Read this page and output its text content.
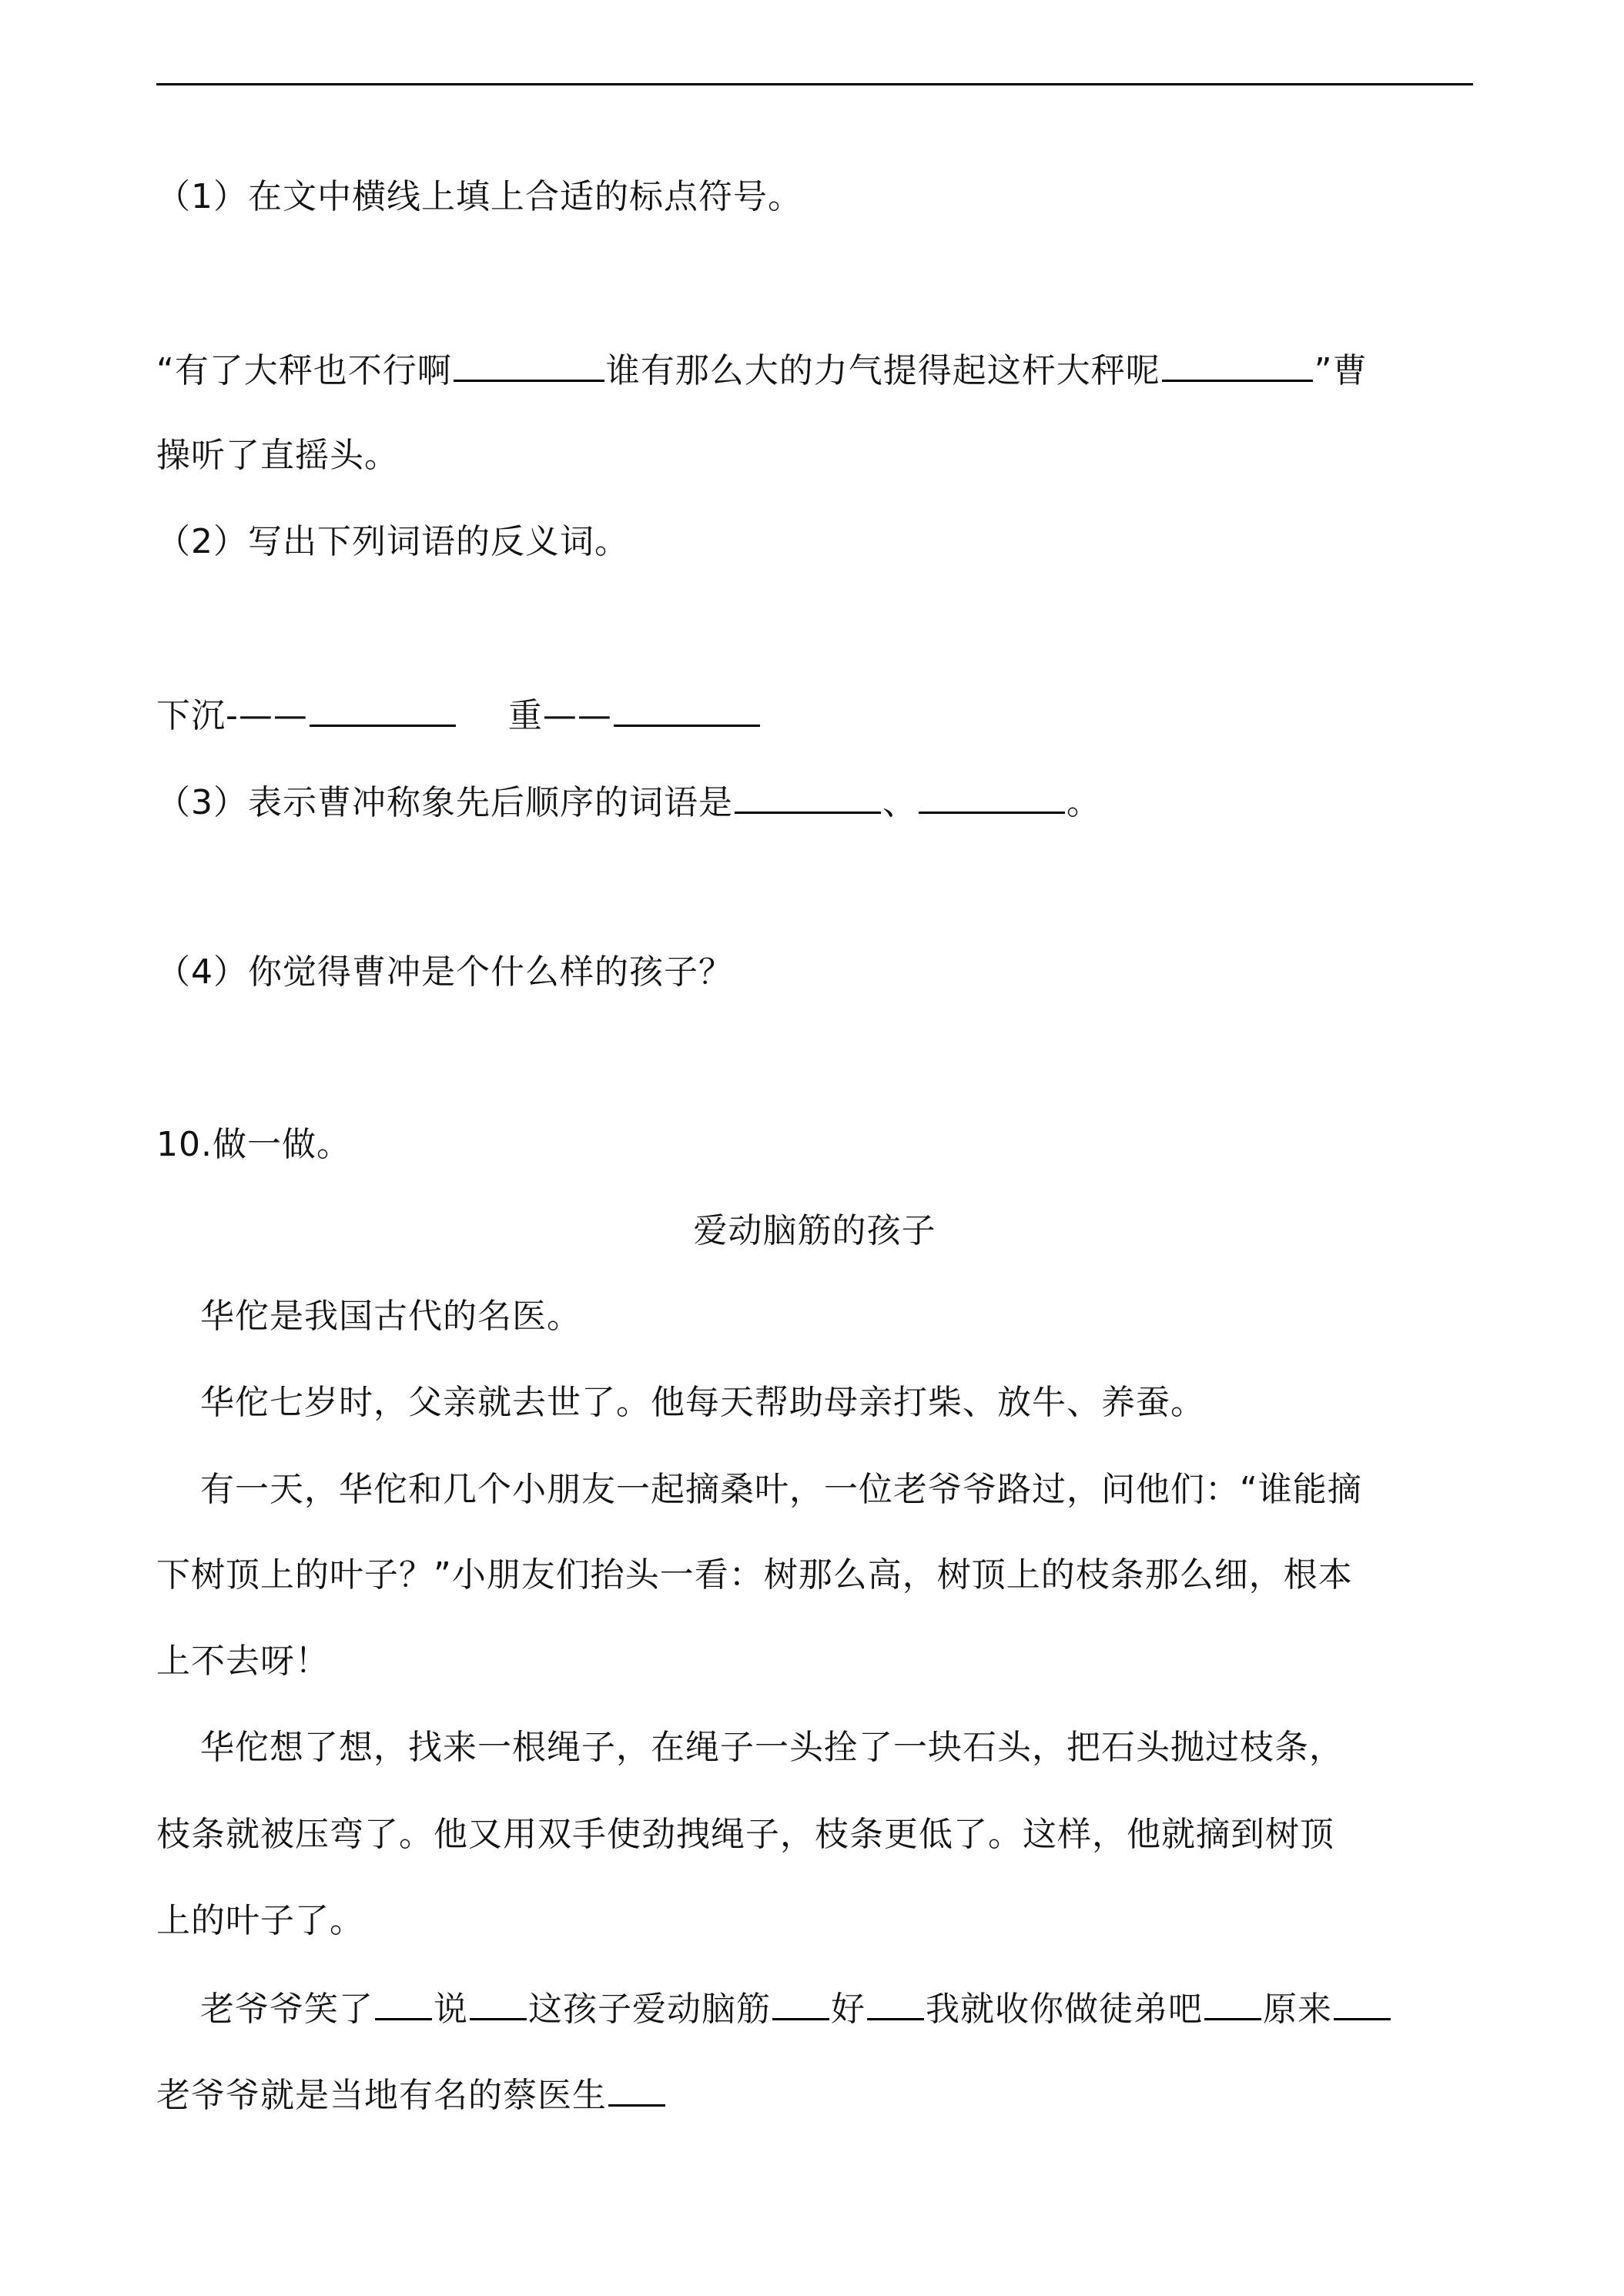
（1）在文中横线上填上合适的标点符号。
“有了大秤也不行啊	谁有那么大的力气提得起这杆大秤呢	”曹
操听了直摇头。
（2）写出下列词语的反义词。
下沉-——	重——
（3）表示曹冲称象先后顺序的词语是	、	。
（4）你觉得曹冲是个什么样的孩子？
10.做一做。
爱动脑筋的孩子
华佗是我国古代的名医。
华佗七岁时，父亲就去世了。他每天帮助母亲打柴、放牛、养蚕。
有一天，华佗和几个小朋友一起摘桑叶，一位老爷爷路过，问他们：“谁能摘
下树顶上的叶子？”小朋友们抬头一看：树那么高，树顶上的枝条那么细，根本
上不去呀！
华佗想了想，找来一根绳子，在绳子一头拴了一块石头，把石头抛过枝条，
枝条就被压弯了。他又用双手使劲拽绳子，枝条更低了。这样，他就摘到树顶
上的叶子了。
老爷爷笑了 说 这孩子爱动脑筋 好 我就收你做徒弟吧 原来
老爷爷就是当地有名的蔡医生
